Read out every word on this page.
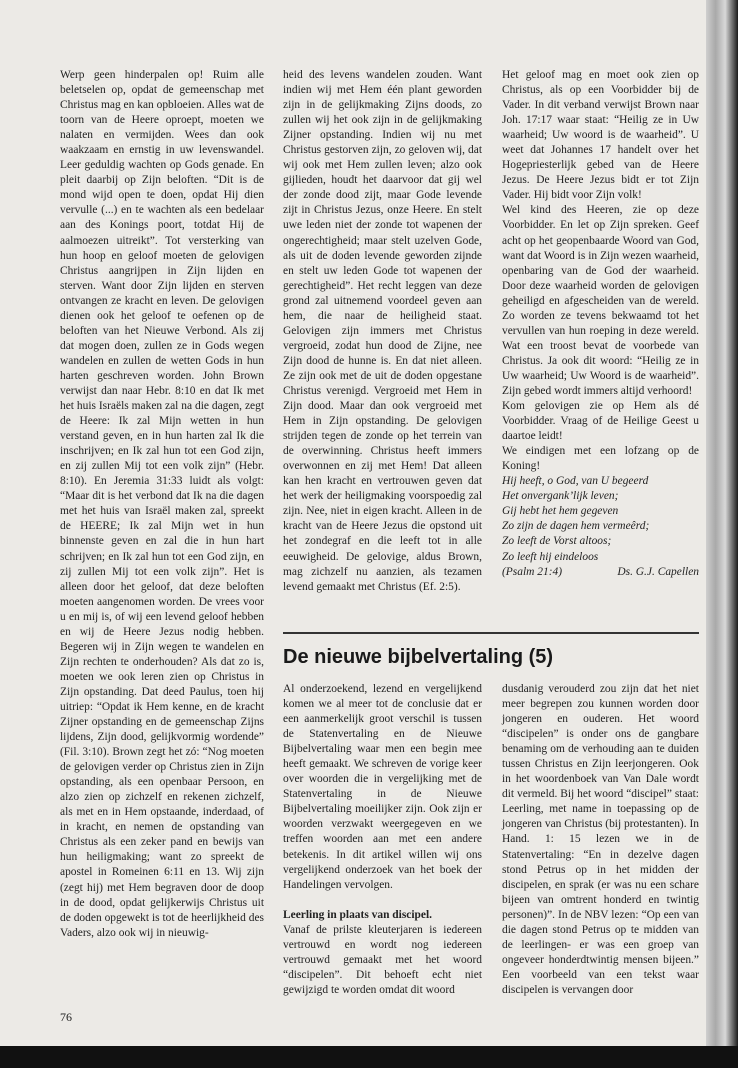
Werp geen hinderpalen op! Ruim alle beletselen op, opdat de gemeenschap met Christus mag en kan opbloeien. Alles wat de toorn van de Heere oproept, moeten we nalaten en vermijden. Wees dan ook waakzaam en ernstig in uw levenswandel. Leer geduldig wachten op Gods genade. En pleit daarbij op Zijn beloften. “Dit is de mond wijd open te doen, opdat Hij dien vervulle (...) en te wachten als een bedelaar aan des Konings poort, totdat Hij de aalmoezen uitreikt”. Tot versterking van hun hoop en geloof moeten de gelovigen Christus aangrijpen in Zijn lijden en sterven. Want door Zijn lijden en sterven ontvangen ze kracht en leven. De gelovigen dienen ook het geloof te oefenen op de beloften van het Nieuwe Verbond. Als zij dat mogen doen, zullen ze in Gods wegen wandelen en zullen de wetten Gods in hun harten geschreven worden. John Brown verwijst dan naar Hebr. 8:10 en dat Ik met het huis Israëls maken zal na die dagen, zegt de Heere: Ik zal Mijn wetten in hun verstand geven, en in hun harten zal Ik die inschrijven; en Ik zal hun tot een God zijn, en zij zullen Mij tot een volk zijn” (Hebr. 8:10). En Jeremia 31:33 luidt als volgt: “Maar dit is het verbond dat Ik na die dagen met het huis van Israël maken zal, spreekt de HEERE; Ik zal Mijn wet in hun binnenste geven en zal die in hun hart schrijven; en Ik zal hun tot een God zijn, en zij zullen Mij tot een volk zijn”. Het is alleen door het geloof, dat deze beloften moeten aangenomen worden. De vrees voor u en mij is, of wij een levend geloof hebben en wij de Heere Jezus nodig hebben. Begeren wij in Zijn wegen te wandelen en Zijn rechten te onderhouden? Als dat zo is, moeten we ook leren zien op Christus in Zijn opstanding. Dat deed Paulus, toen hij uitriep: “Opdat ik Hem kenne, en de kracht Zijner opstanding en de gemeenschap Zijns lijdens, Zijn dood, gelijkvormig wordende” (Fil. 3:10). Brown zegt het zó: “Nog moeten de gelovigen verder op Christus zien in Zijn opstanding, als een openbaar Persoon, en alzo zien op zichzelf en rekenen zichzelf, als met en in Hem opstaande, inderdaad, of in kracht, en nemen de opstanding van Christus als een zeker pand en bewijs van hun heiligmaking; want zo spreekt de apostel in Romeinen 6:11 en 13. Wij zijn (zegt hij) met Hem begraven door de doop in de dood, opdat gelijkerwijs Christus uit de doden opgewekt is tot de heerlijkheid des Vaders, alzo ook wij in nieuwig-

heid des levens wandelen zouden. Want indien wij met Hem één plant geworden zijn in de gelijkmaking Zijns doods, zo zullen wij het ook zijn in de gelijkmaking Zijner opstanding. Indien wij nu met Christus gestorven zijn, zo geloven wij, dat wij ook met Hem zullen leven; alzo ook gijlieden, houdt het daarvoor dat gij wel der zonde dood zijt, maar Gode levende zijt in Christus Jezus, onze Heere. En stelt uwe leden niet der zonde tot wapenen der ongerechtigheid; maar stelt uzelven Gode, als uit de doden levende geworden zijnde en stelt uw leden Gode tot wapenen der gerechtigheid”. Het recht leggen van deze grond zal uitnemend voordeel geven aan hem, die naar de heiligheid staat. Gelovigen zijn immers met Christus vergroeid, zodat hun dood de Zijne, nee Zijn dood de hunne is. En dat niet alleen. Ze zijn ook met de uit de doden opgestane Christus verenigd. Vergroeid met Hem in Zijn dood. Maar dan ook vergroeid met Hem in Zijn opstanding. De gelovigen strijden tegen de zonde op het terrein van de overwinning. Christus heeft immers overwonnen en zij met Hem! Dat alleen kan hen kracht en vertrouwen geven dat het werk der heiligmaking voorspoedig zal zijn. Nee, niet in eigen kracht. Alleen in de kracht van de Heere Jezus die opstond uit het zondegraf en die leeft tot in alle eeuwigheid. De gelovige, aldus Brown, mag zichzelf nu aanzien, als tezamen levend gemaakt met Christus (Ef. 2:5).

Het geloof mag en moet ook zien op Christus, als op een Voorbidder bij de Vader. In dit verband verwijst Brown naar Joh. 17:17 waar staat: “Heilig ze in Uw waarheid; Uw woord is de waarheid”. U weet dat Johannes 17 handelt over het Hogepriesterlijk gebed van de Heere Jezus. De Heere Jezus bidt er tot Zijn Vader. Hij bidt voor Zijn volk!

Wel kind des Heeren, zie op deze Voorbidder. En let op Zijn spreken. Geef acht op het geopenbaarde Woord van God, want dat Woord is in Zijn wezen waarheid, openbaring van de God der waarheid. Door deze waarheid worden de gelovigen geheiligd en afgescheiden van de wereld. Zo worden ze tevens bekwaamd tot het vervullen van hun roeping in deze wereld. Wat een troost bevat de voorbede van Christus. Ja ook dit woord: “Heilig ze in Uw waarheid; Uw Woord is de waarheid”. Zijn gebed wordt immers altijd verhoord!

Kom gelovigen zie op Hem als dé Voorbidder. Vraag of de Heilige Geest u daartoe leidt!

We eindigen met een lofzang op de Koning!

Hij heeft, o God, van U begeerd
Het onvergank’lijk leven;
Gij hebt het hem gegeven
Zo zijn de dagen hem vermeêrd;
Zo leeft de Vorst altoos;
Zo leeft hij eindeloos
(Psalm 21:4)	Ds. G.J. Capellen
De nieuwe bijbelvertaling (5)

Al onderzoekend, lezend en vergelijkend komen we al meer tot de conclusie dat er een aanmerkelijk groot verschil is tussen de Statenvertaling en de Nieuwe Bijbelvertaling waar men een begin mee heeft gemaakt. We schreven de vorige keer over woorden die in vergelijking met de Statenvertaling in de Nieuwe Bijbelvertaling moeilijker zijn. Ook zijn er woorden verzwakt weergegeven en we treffen woorden aan met een andere betekenis. In dit artikel willen wij ons vergelijkend onderzoek van het boek der Handelingen vervolgen.

Leerling in plaats van discipel.

Vanaf de prilste kleuterjaren is iedereen vertrouwd en wordt nog iedereen vertrouwd gemaakt met het woord “discipelen”. Dit behoeft echt niet gewijzigd te worden omdat dit woord

dusdanig verouderd zou zijn dat het niet meer begrepen zou kunnen worden door jongeren en ouderen. Het woord “discipelen” is onder ons de gangbare benaming om de verhouding aan te duiden tussen Christus en Zijn leerjongeren. Ook in het woordenboek van Van Dale wordt dit vermeld. Bij het woord “discipel” staat: Leerling, met name in toepassing op de jongeren van Christus (bij protestanten). In Hand. 1: 15 lezen we in de Statenvertaling: “En in dezelve dagen stond Petrus op in het midden der discipelen, en sprak (er was nu een schare bijeen van omtrent honderd en twintig personen)”. In de NBV lezen: “Op een van die dagen stond Petrus op te midden van de leerlingen- er was een groep van ongeveer honderdtwintig mensen bijeen.” Een voorbeeld van een tekst waar discipelen is vervangen door

76
